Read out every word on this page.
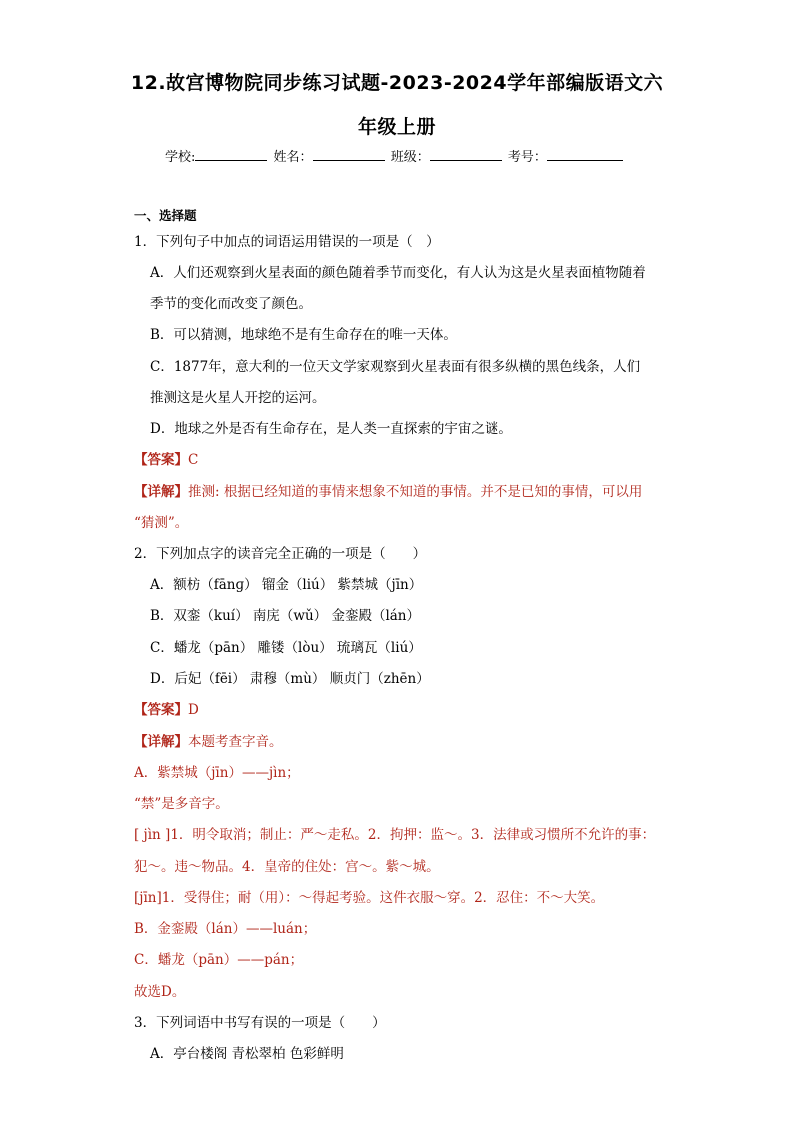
12.故宫博物院同步练习试题-2023-2024学年部编版语文六
年级上册
学校:	姓名：	班级：	考号：
一、选择题
1．下列句子中加点的词语运用错误的一项是（　）
A．人们还观察到火星表面的颜色随着季节而变化，有人认为这是火星表面植物随着
季节的变化而改变了颜色。
B．可以猜测，地球绝不是有生命存在的唯一天体。
C．1877年，意大利的一位天文学家观察到火星表面有很多纵横的黑色线条，人们
推测这是火星人开挖的运河。
D．地球之外是否有生命存在，是人类一直探索的宇宙之谜。
【答案】C
【详解】推测: 根据已经知道的事情来想象不知道的事情。并不是已知的事情，可以用
“猜测”。
2．下列加点字的读音完全正确的一项是（　　）
A．额枋（fānɡ） 镏金（liú） 紫禁城（jīn）
B．双銮（kuí） 南庑（wǔ） 金銮殿（lán）
C．蟠龙（pān） 雕镂（lòu） 琉璃瓦（liú）
D．后妃（fēi） 肃穆（mù） 顺贞门（zhēn）
【答案】D
【详解】本题考查字音。
A．紫禁城（jīn）——jìn；
“禁”是多音字。
[ jìn ]1．明令取消；制止：严～走私。2．拘押：监～。3．法律或习惯所不允许的事：
犯～。违～物品。4．皇帝的住处：宫～。紫～城。
[jīn]1．受得住；耐（用）：～得起考验。这件衣服～穿。2．忍住：不～大笑。
B．金銮殿（lán）——luán；
C．蟠龙（pān）——pán；
故选D。
3．下列词语中书写有误的一项是（　　）
A．亭台楼阁 青松翠柏 色彩鲜明
